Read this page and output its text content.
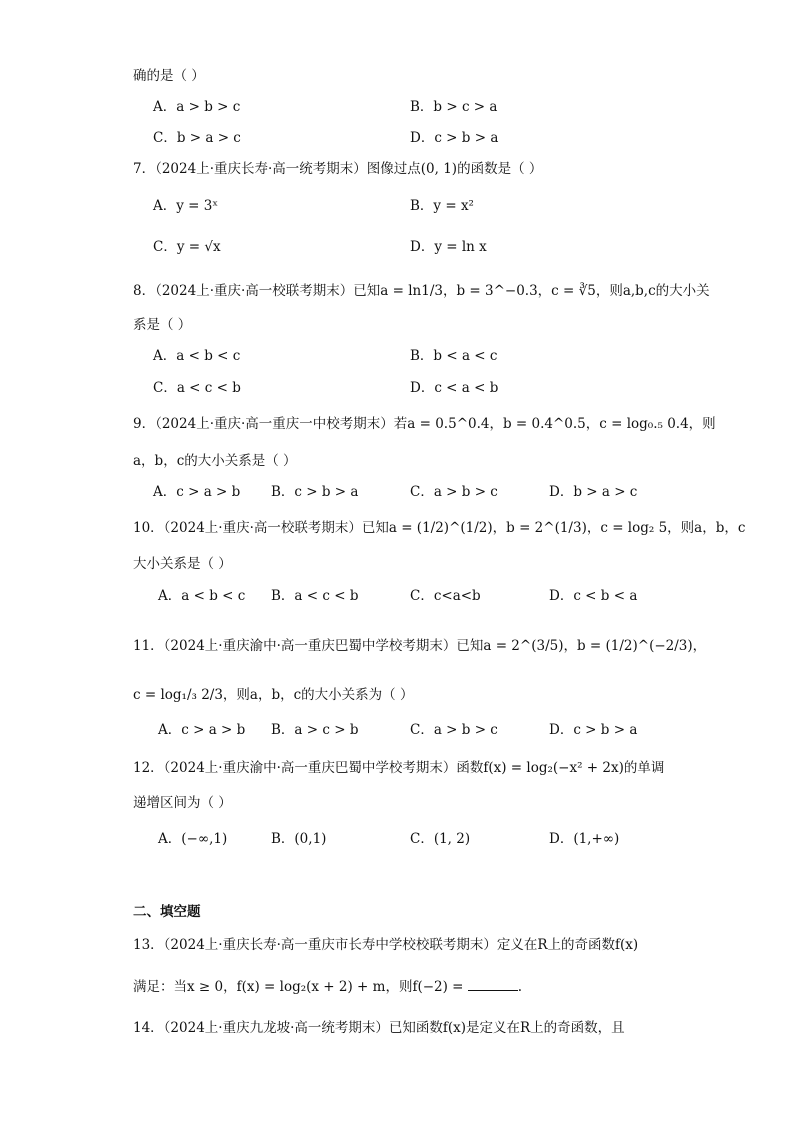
确的是（ ）
A．a > b > c	B．b > c > a
C．b > a > c	D．c > b > a
7．（2024上·重庆长寿·高一统考期末）图像过点(0, 1)的函数是（ ）
A．y = 3ˣ	B．y = x²
C．y = √x	D．y = ln x
8．（2024上·重庆·高一校联考期末）已知a = ln1/3，b = 3^−0.3，c = ∛5，则a,b,c的大小关
系是（ ）
A．a < b < c	B．b < a < c
C．a < c < b	D．c < a < b
9．（2024上·重庆·高一重庆一中校考期末）若a = 0.5^0.4，b = 0.4^0.5，c = log₀.₅ 0.4，则
a，b，c的大小关系是（ ）
A．c > a > b B．c > b > a	C．a > b > c	D．b > a > c
10．（2024上·重庆·高一校联考期末）已知a = (1/2)^(1/2)，b = 2^(1/3)，c = log₂ 5，则a，b，c
大小关系是（ ）
A．a < b < c B．a < c < b	C．c<a<b	D．c < b < a
11．（2024上·重庆渝中·高一重庆巴蜀中学校考期末）已知a = 2^(3/5)，b = (1/2)^(−2/3)，
c = log₁/₃ 2/3，则a，b，c的大小关系为（ ）
A．c > a > b B．a > c > b	C．a > b > c	D．c > b > a
12．（2024上·重庆渝中·高一重庆巴蜀中学校考期末）函数f(x) = log₂(−x² + 2x)的单调
递增区间为（ ）
A．(−∞,1)	B．(0,1)	C．(1, 2)	D．(1,+∞)
二、填空题
13．（2024上·重庆长寿·高一重庆市长寿中学校校联考期末）定义在R上的奇函数f(x)
满足：当x ≥ 0，f(x) = log₂(x + 2) + m，则f(−2) =	.
14．（2024上·重庆九龙坡·高一统考期末）已知函数f(x)是定义在R上的奇函数，且
